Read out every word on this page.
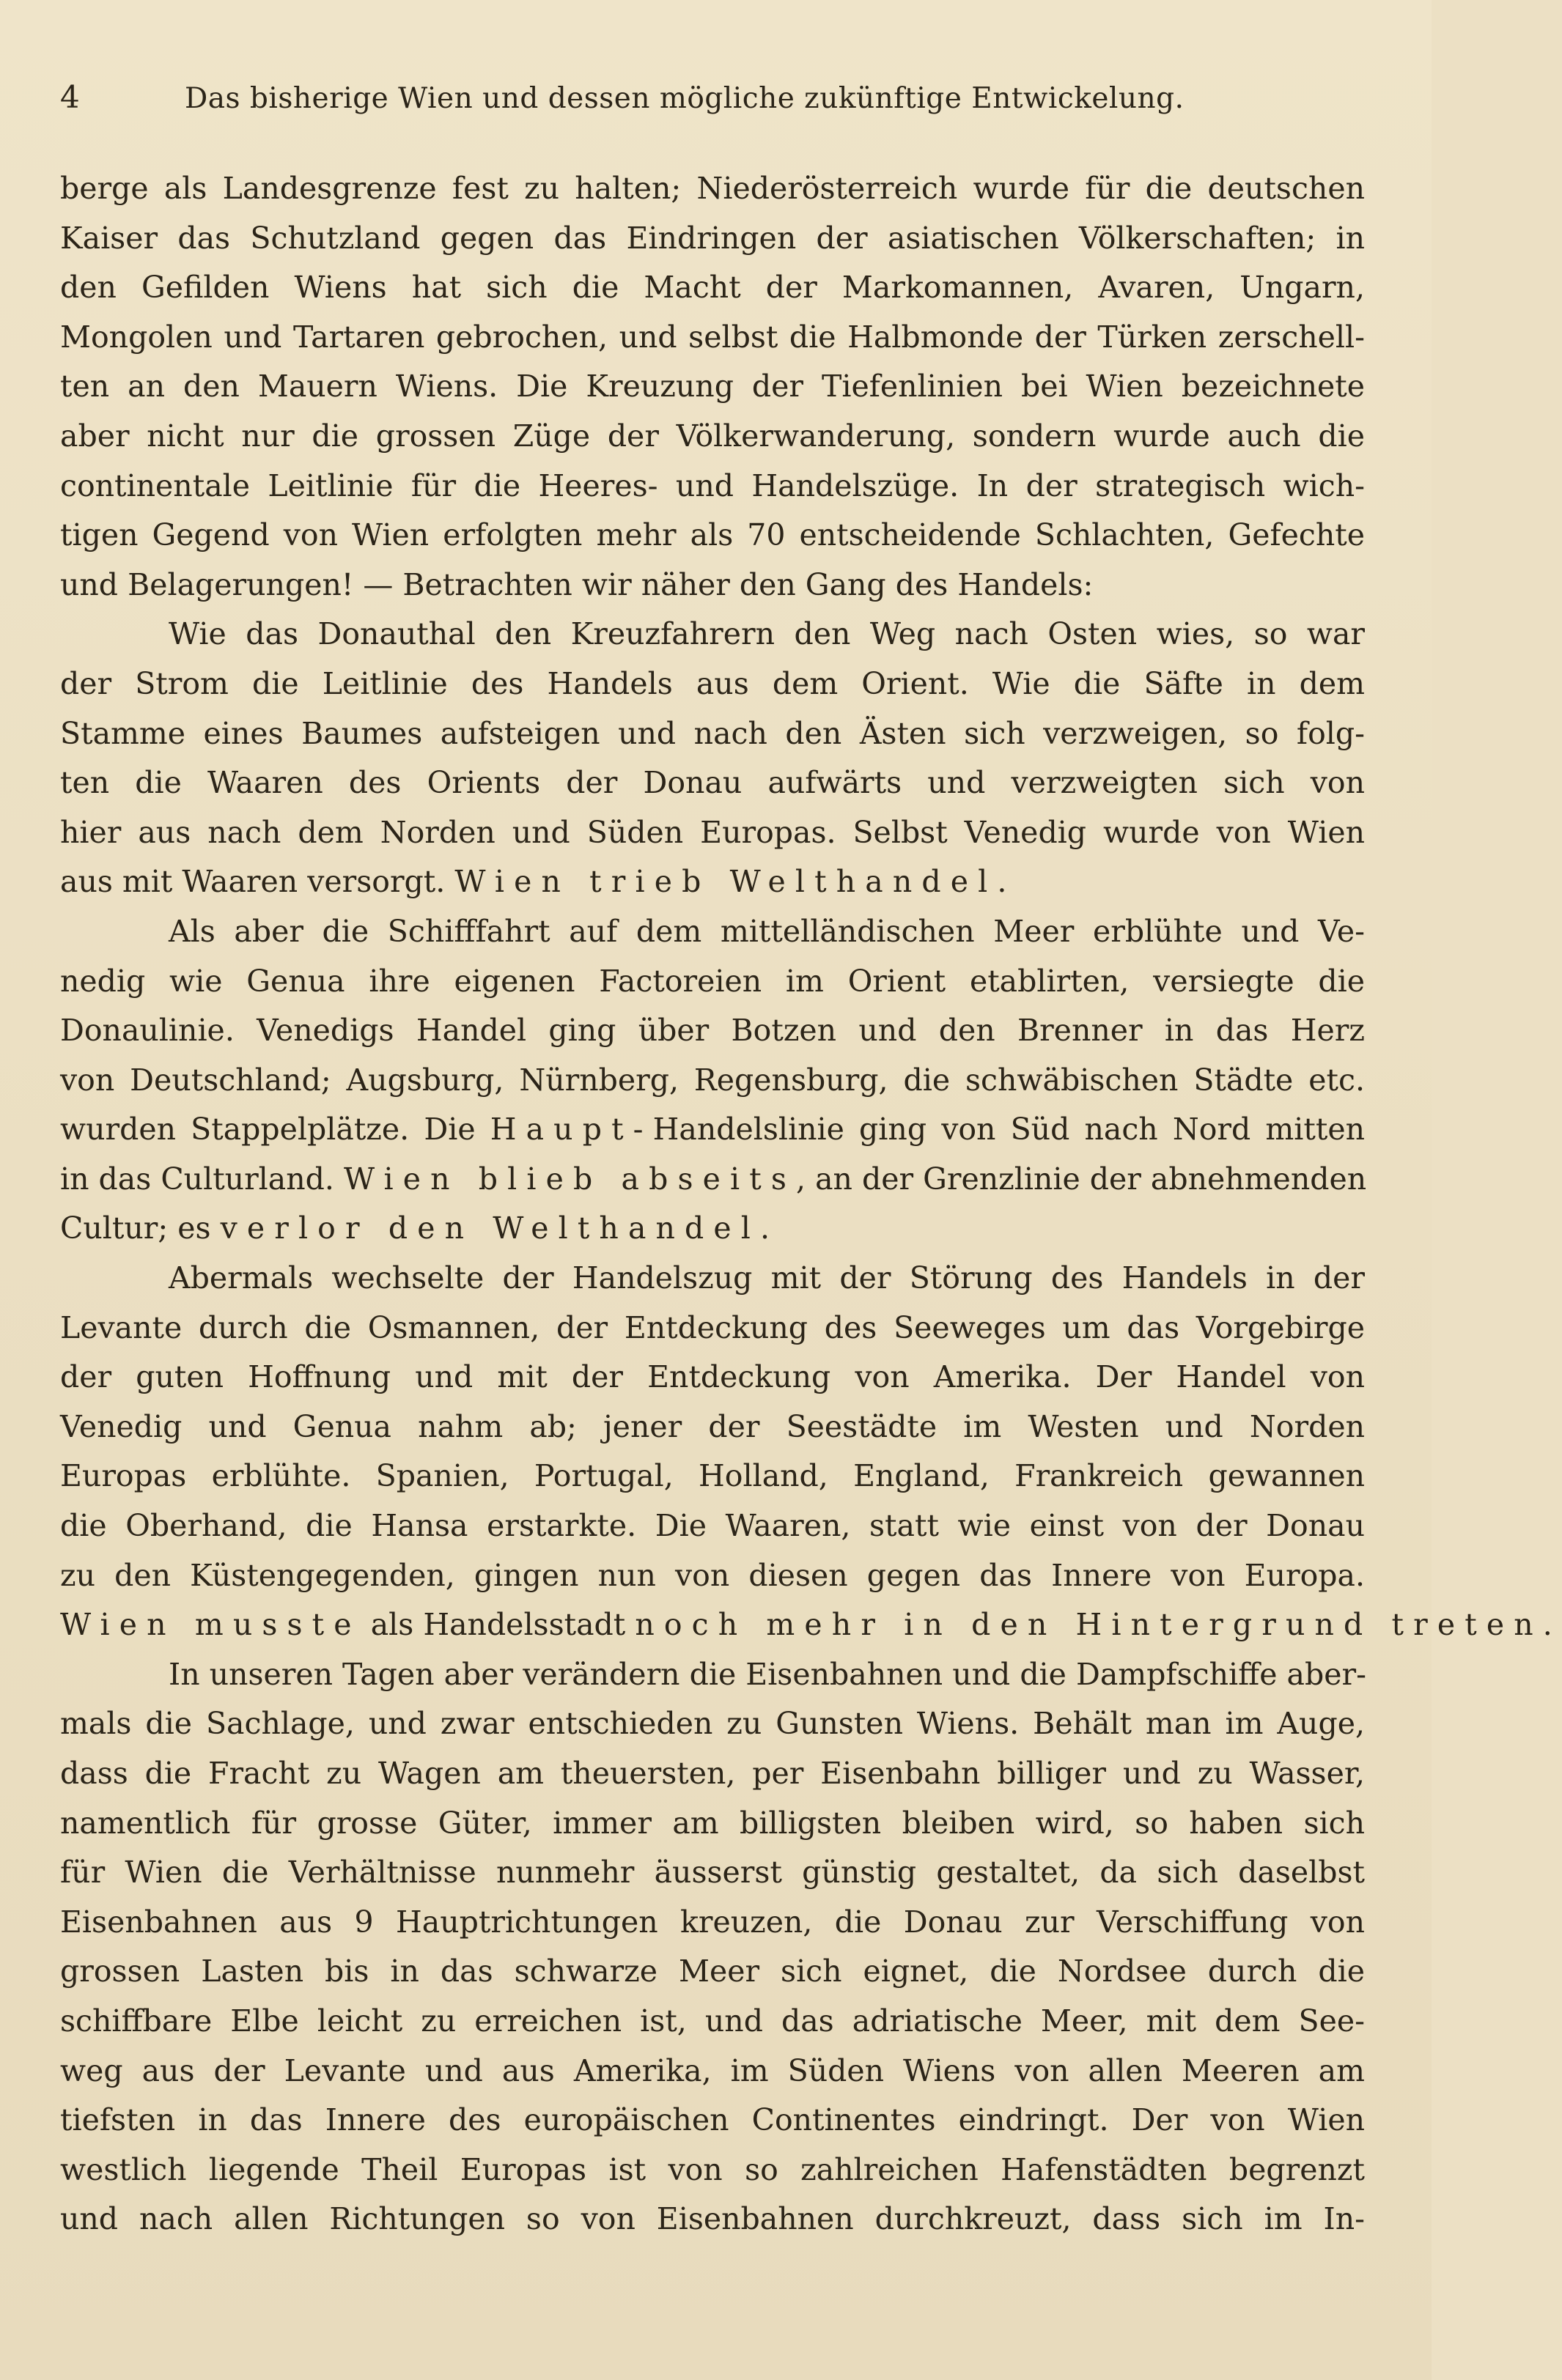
4	Das bisherige Wien und dessen mögliche zukünftige Entwickelung.
berge als Landesgrenze fest zu halten; Niederösterreich wurde für die deutschen
Kaiser das Schutzland gegen das Eindringen der asiatischen Völkerschaften; in
den Gefilden Wiens hat sich die Macht der Markomannen, Avaren, Ungarn,
Mongolen und Tartaren gebrochen, und selbst die Halbmonde der Türken zerschell-
ten an den Mauern Wiens. Die Kreuzung der Tiefenlinien bei Wien bezeichnete
aber nicht nur die grossen Züge der Völkerwanderung, sondern wurde auch die
continentale Leitlinie für die Heeres- und Handelszüge. In der strategisch wich-
tigen Gegend von Wien erfolgten mehr als 70 entscheidende Schlachten, Gefechte
und Belagerungen! — Betrachten wir näher den Gang des Handels:
Wie das Donauthal den Kreuzfahrern den Weg nach Osten wies, so war
der Strom die Leitlinie des Handels aus dem Orient. Wie die Säfte in dem
Stamme eines Baumes aufsteigen und nach den Ästen sich verzweigen, so folg-
ten die Waaren des Orients der Donau aufwärts und verzweigten sich von
hier aus nach dem Norden und Süden Europas. Selbst Venedig wurde von Wien
aus mit Waaren versorgt. Wien trieb Welthandel.
Als aber die Schifffahrt auf dem mittelländischen Meer erblühte und Ve-
nedig wie Genua ihre eigenen Factoreien im Orient etablirten, versiegte die
Donaulinie. Venedigs Handel ging über Botzen und den Brenner in das Herz
von Deutschland; Augsburg, Nürnberg, Regensburg, die schwäbischen Städte etc.
wurden Stappelplätze. Die Haupt-Handelslinie ging von Süd nach Nord mitten
in das Culturland. Wien blieb abseits, an der Grenzlinie der abnehmenden
Cultur; es verlor den Welthandel.
Abermals wechselte der Handelszug mit der Störung des Handels in der
Levante durch die Osmannen, der Entdeckung des Seeweges um das Vorgebirge
der guten Hoffnung und mit der Entdeckung von Amerika. Der Handel von
Venedig und Genua nahm ab; jener der Seestädte im Westen und Norden
Europas erblühte. Spanien, Portugal, Holland, England, Frankreich gewannen
die Oberhand, die Hansa erstarkte. Die Waaren, statt wie einst von der Donau
zu den Küstengegenden, gingen nun von diesen gegen das Innere von Europa.
Wien musste als Handelsstadt noch mehr in den Hintergrund treten.
In unseren Tagen aber verändern die Eisenbahnen und die Dampfschiffe aber-
mals die Sachlage, und zwar entschieden zu Gunsten Wiens. Behält man im Auge,
dass die Fracht zu Wagen am theuersten, per Eisenbahn billiger und zu Wasser,
namentlich für grosse Güter, immer am billigsten bleiben wird, so haben sich
für Wien die Verhältnisse nunmehr äusserst günstig gestaltet, da sich daselbst
Eisenbahnen aus 9 Hauptrichtungen kreuzen, die Donau zur Verschiffung von
grossen Lasten bis in das schwarze Meer sich eignet, die Nordsee durch die
schiffbare Elbe leicht zu erreichen ist, und das adriatische Meer, mit dem See-
weg aus der Levante und aus Amerika, im Süden Wiens von allen Meeren am
tiefsten in das Innere des europäischen Continentes eindringt. Der von Wien
westlich liegende Theil Europas ist von so zahlreichen Hafenstädten begrenzt
und nach allen Richtungen so von Eisenbahnen durchkreuzt, dass sich im In-
